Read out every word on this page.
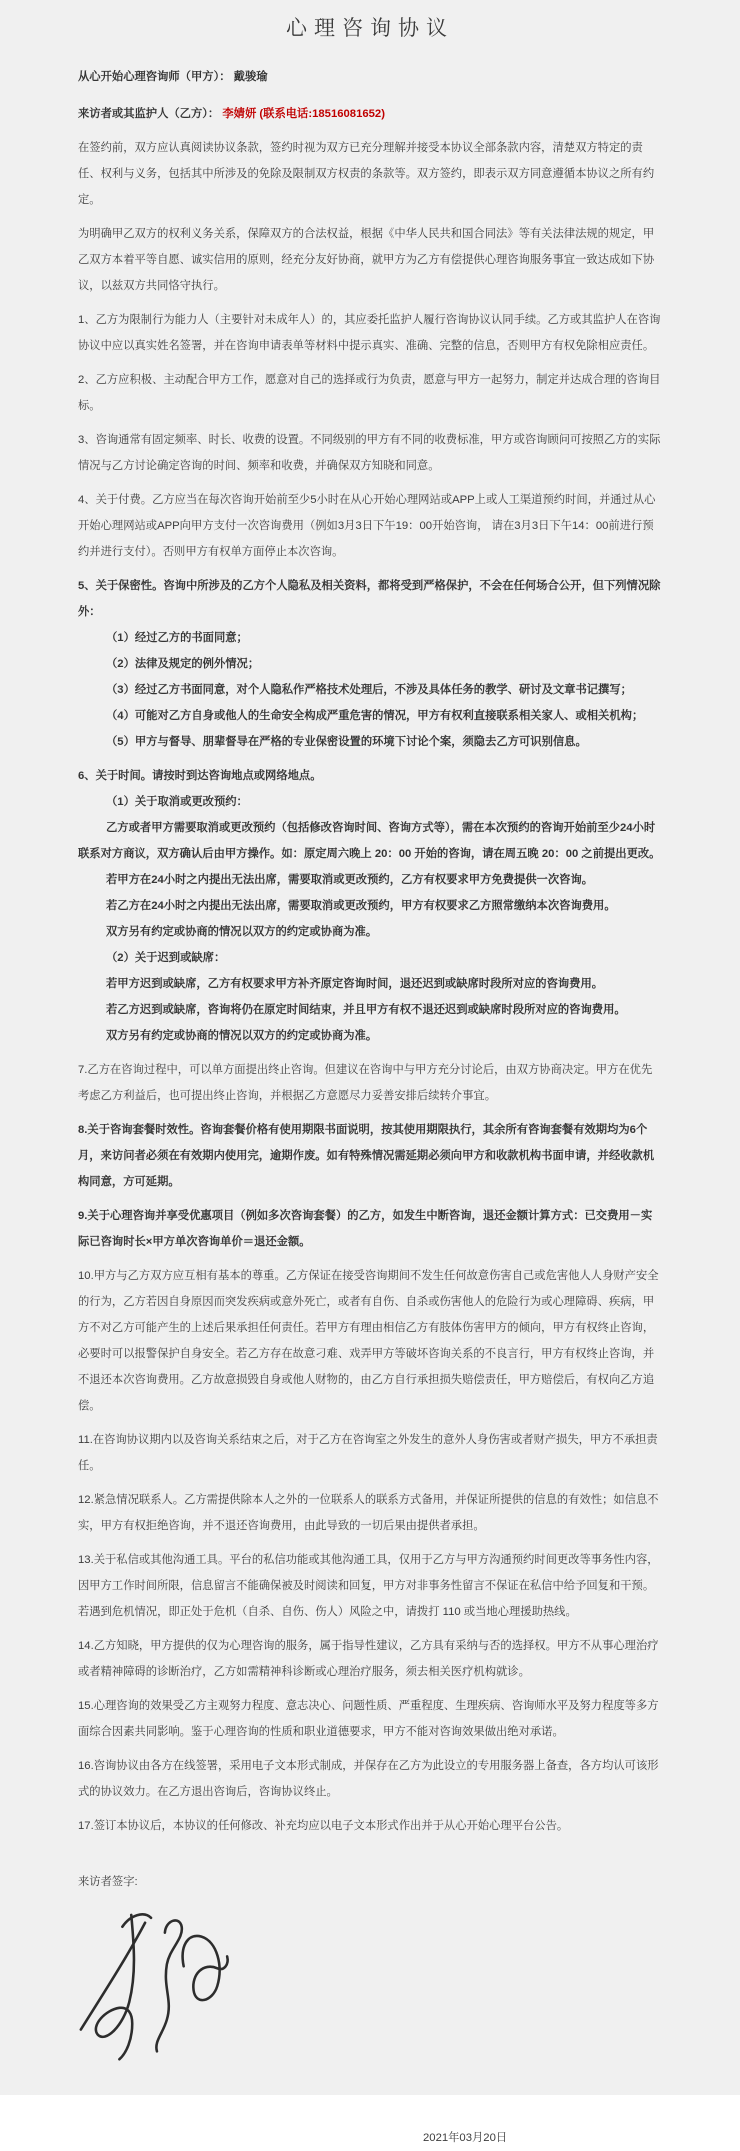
心理咨询协议

从心开始心理咨询师（甲方）： 戴骏瑜

来访者或其监护人（乙方）： 李婧妍 (联系电话:18516081652)

在签约前，双方应认真阅读协议条款，签约时视为双方已充分理解并接受本协议全部条款内容，清楚双方特定的责任、权利与义务，包括其中所涉及的免除及限制双方权责的条款等。双方签约，即表示双方同意遵循本协议之所有约定。

为明确甲乙双方的权利义务关系，保障双方的合法权益，根据《中华人民共和国合同法》等有关法律法规的规定，甲乙双方本着平等自愿、诚实信用的原则，经充分友好协商，就甲方为乙方有偿提供心理咨询服务事宜一致达成如下协议，以兹双方共同恪守执行。

1、乙方为限制行为能力人（主要针对未成年人）的，其应委托监护人履行咨询协议认同手续。乙方或其监护人在咨询协议中应以真实姓名签署，并在咨询申请表单等材料中提示真实、准确、完整的信息，否则甲方有权免除相应责任。

2、乙方应积极、主动配合甲方工作，愿意对自己的选择或行为负责，愿意与甲方一起努力，制定并达成合理的咨询目标。

3、咨询通常有固定频率、时长、收费的设置。不同级别的甲方有不同的收费标准，甲方或咨询顾问可按照乙方的实际情况与乙方讨论确定咨询的时间、频率和收费，并确保双方知晓和同意。

4、关于付费。乙方应当在每次咨询开始前至少5小时在从心开始心理网站或APP上或人工渠道预约时间，并通过从心开始心理网站或APP向甲方支付一次咨询费用（例如3月3日下午19：00开始咨询， 请在3月3日下午14：00前进行预约并进行支付）。否则甲方有权单方面停止本次咨询。

5、关于保密性。咨询中所涉及的乙方个人隐私及相关资料，都将受到严格保护，不会在任何场合公开，但下列情况除外：

（1）经过乙方的书面同意；

（2）法律及规定的例外情况；

（3）经过乙方书面同意，对个人隐私作严格技术处理后，不涉及具体任务的教学、研讨及文章书记撰写；

（4）可能对乙方自身或他人的生命安全构成严重危害的情况，甲方有权利直接联系相关家人、或相关机构；

（5）甲方与督导、朋辈督导在严格的专业保密设置的环境下讨论个案，须隐去乙方可识别信息。

6、关于时间。请按时到达咨询地点或网络地点。

（1）关于取消或更改预约：

乙方或者甲方需要取消或更改预约（包括修改咨询时间、咨询方式等），需在本次预约的咨询开始前至少24小时联系对方商议，双方确认后由甲方操作。如：原定周六晚上 20：00 开始的咨询，请在周五晚 20：00 之前提出更改。

若甲方在24小时之内提出无法出席，需要取消或更改预约，乙方有权要求甲方免费提供一次咨询。

若乙方在24小时之内提出无法出席，需要取消或更改预约，甲方有权要求乙方照常缴纳本次咨询费用。

双方另有约定或协商的情况以双方的约定或协商为准。

（2）关于迟到或缺席：

若甲方迟到或缺席，乙方有权要求甲方补齐原定咨询时间，退还迟到或缺席时段所对应的咨询费用。

若乙方迟到或缺席，咨询将仍在原定时间结束，并且甲方有权不退还迟到或缺席时段所对应的咨询费用。

双方另有约定或协商的情况以双方的约定或协商为准。

7.乙方在咨询过程中，可以单方面提出终止咨询。但建议在咨询中与甲方充分讨论后，由双方协商决定。甲方在优先考虑乙方利益后，也可提出终止咨询，并根据乙方意愿尽力妥善安排后续转介事宜。

8.关于咨询套餐时效性。咨询套餐价格有使用期限书面说明，按其使用期限执行，其余所有咨询套餐有效期均为6个月，来访问者必须在有效期内使用完，逾期作废。如有特殊情况需延期必须向甲方和收款机构书面申请，并经收款机构同意，方可延期。

9.关于心理咨询并享受优惠项目（例如多次咨询套餐）的乙方，如发生中断咨询，退还金额计算方式：已交费用－实际已咨询时长×甲方单次咨询单价＝退还金额。

10.甲方与乙方双方应互相有基本的尊重。乙方保证在接受咨询期间不发生任何故意伤害自己或危害他人人身财产安全的行为，乙方若因自身原因而突发疾病或意外死亡，或者有自伤、自杀或伤害他人的危险行为或心理障碍、疾病，甲方不对乙方可能产生的上述后果承担任何责任。若甲方有理由相信乙方有肢体伤害甲方的倾向，甲方有权终止咨询，必要时可以报警保护自身安全。若乙方存在故意刁难、戏弄甲方等破坏咨询关系的不良言行，甲方有权终止咨询，并不退还本次咨询费用。乙方故意损毁自身或他人财物的，由乙方自行承担损失赔偿责任，甲方赔偿后，有权向乙方追偿。

11.在咨询协议期内以及咨询关系结束之后，对于乙方在咨询室之外发生的意外人身伤害或者财产损失，甲方不承担责任。

12.紧急情况联系人。乙方需提供除本人之外的一位联系人的联系方式备用，并保证所提供的信息的有效性；如信息不实，甲方有权拒绝咨询，并不退还咨询费用，由此导致的一切后果由提供者承担。

13.关于私信或其他沟通工具。平台的私信功能或其他沟通工具，仅用于乙方与甲方沟通预约时间更改等事务性内容，因甲方工作时间所限，信息留言不能确保被及时阅读和回复，甲方对非事务性留言不保证在私信中给予回复和干预。若遇到危机情况，即正处于危机（自杀、自伤、伤人）风险之中，请拨打 110 或当地心理援助热线。

14.乙方知晓，甲方提供的仅为心理咨询的服务，属于指导性建议，乙方具有采纳与否的选择权。甲方不从事心理治疗或者精神障碍的诊断治疗，乙方如需精神科诊断或心理治疗服务，须去相关医疗机构就诊。

15.心理咨询的效果受乙方主观努力程度、意志决心、问题性质、严重程度、生理疾病、咨询师水平及努力程度等多方面综合因素共同影响。鉴于心理咨询的性质和职业道德要求，甲方不能对咨询效果做出绝对承诺。

16.咨询协议由各方在线签署，采用电子文本形式制成，并保存在乙方为此设立的专用服务器上备查，各方均认可该形式的协议效力。在乙方退出咨询后，咨询协议终止。

17.签订本协议后，本协议的任何修改、补充均应以电子文本形式作出并于从心开始心理平台公告。

来访者签字:

2021年03月20日
